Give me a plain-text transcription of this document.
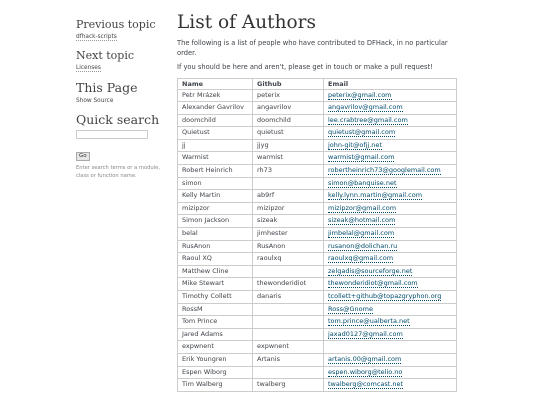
Previous topic
dfhack-scripts
Next topic
Licenses
This Page
Show Source
Quick search
Go
Enter search terms or a module, class or function name.
List of Authors

The following is a list of people who have contributed to DFHack, in no particular order.

If you should be here and aren't, please get in touch or make a pull request!

Name	Github	Email
Petr Mrázek	peterix	peterix@gmail.com
Alexander Gavrilov	angavrilov	angavrilov@gmail.com
doomchild	doomchild	lee.crabtree@gmail.com
Quietust	quietust	quietust@gmail.com
jj	jjyg	john-git@ofjj.net
Warmist	warmist	warmist@gmail.com
Robert Heinrich	rh73	robertheinrich73@googlemail.com
simon		simon@banquise.net
Kelly Martin	ab9rf	kelly.lynn.martin@gmail.com
mizipzor	mizipzor	mizipzor@gmail.com
Simon Jackson	sizeak	sizeak@hotmail.com
belal	jimhester	jimbelal@gmail.com
RusAnon	RusAnon	rusanon@dolichan.ru
Raoul XQ	raoulxq	raoulxq@gmail.com
Matthew Cline		zelgadis@sourceforge.net
Mike Stewart	thewonderidiot	thewonderidiot@gmail.com
Timothy Collett	danaris	tcollett+github@topazgryphon.org
RossM		Ross@Gnome
Tom Prince		tom.prince@ualberta.net
Jared Adams		jaxad0127@gmail.com
expwnent	expwnent	
Erik Youngren	Artanis	artanis.00@gmail.com
Espen Wiborg		espen.wiborg@telio.no
Tim Walberg	twalberg	twalberg@comcast.net
